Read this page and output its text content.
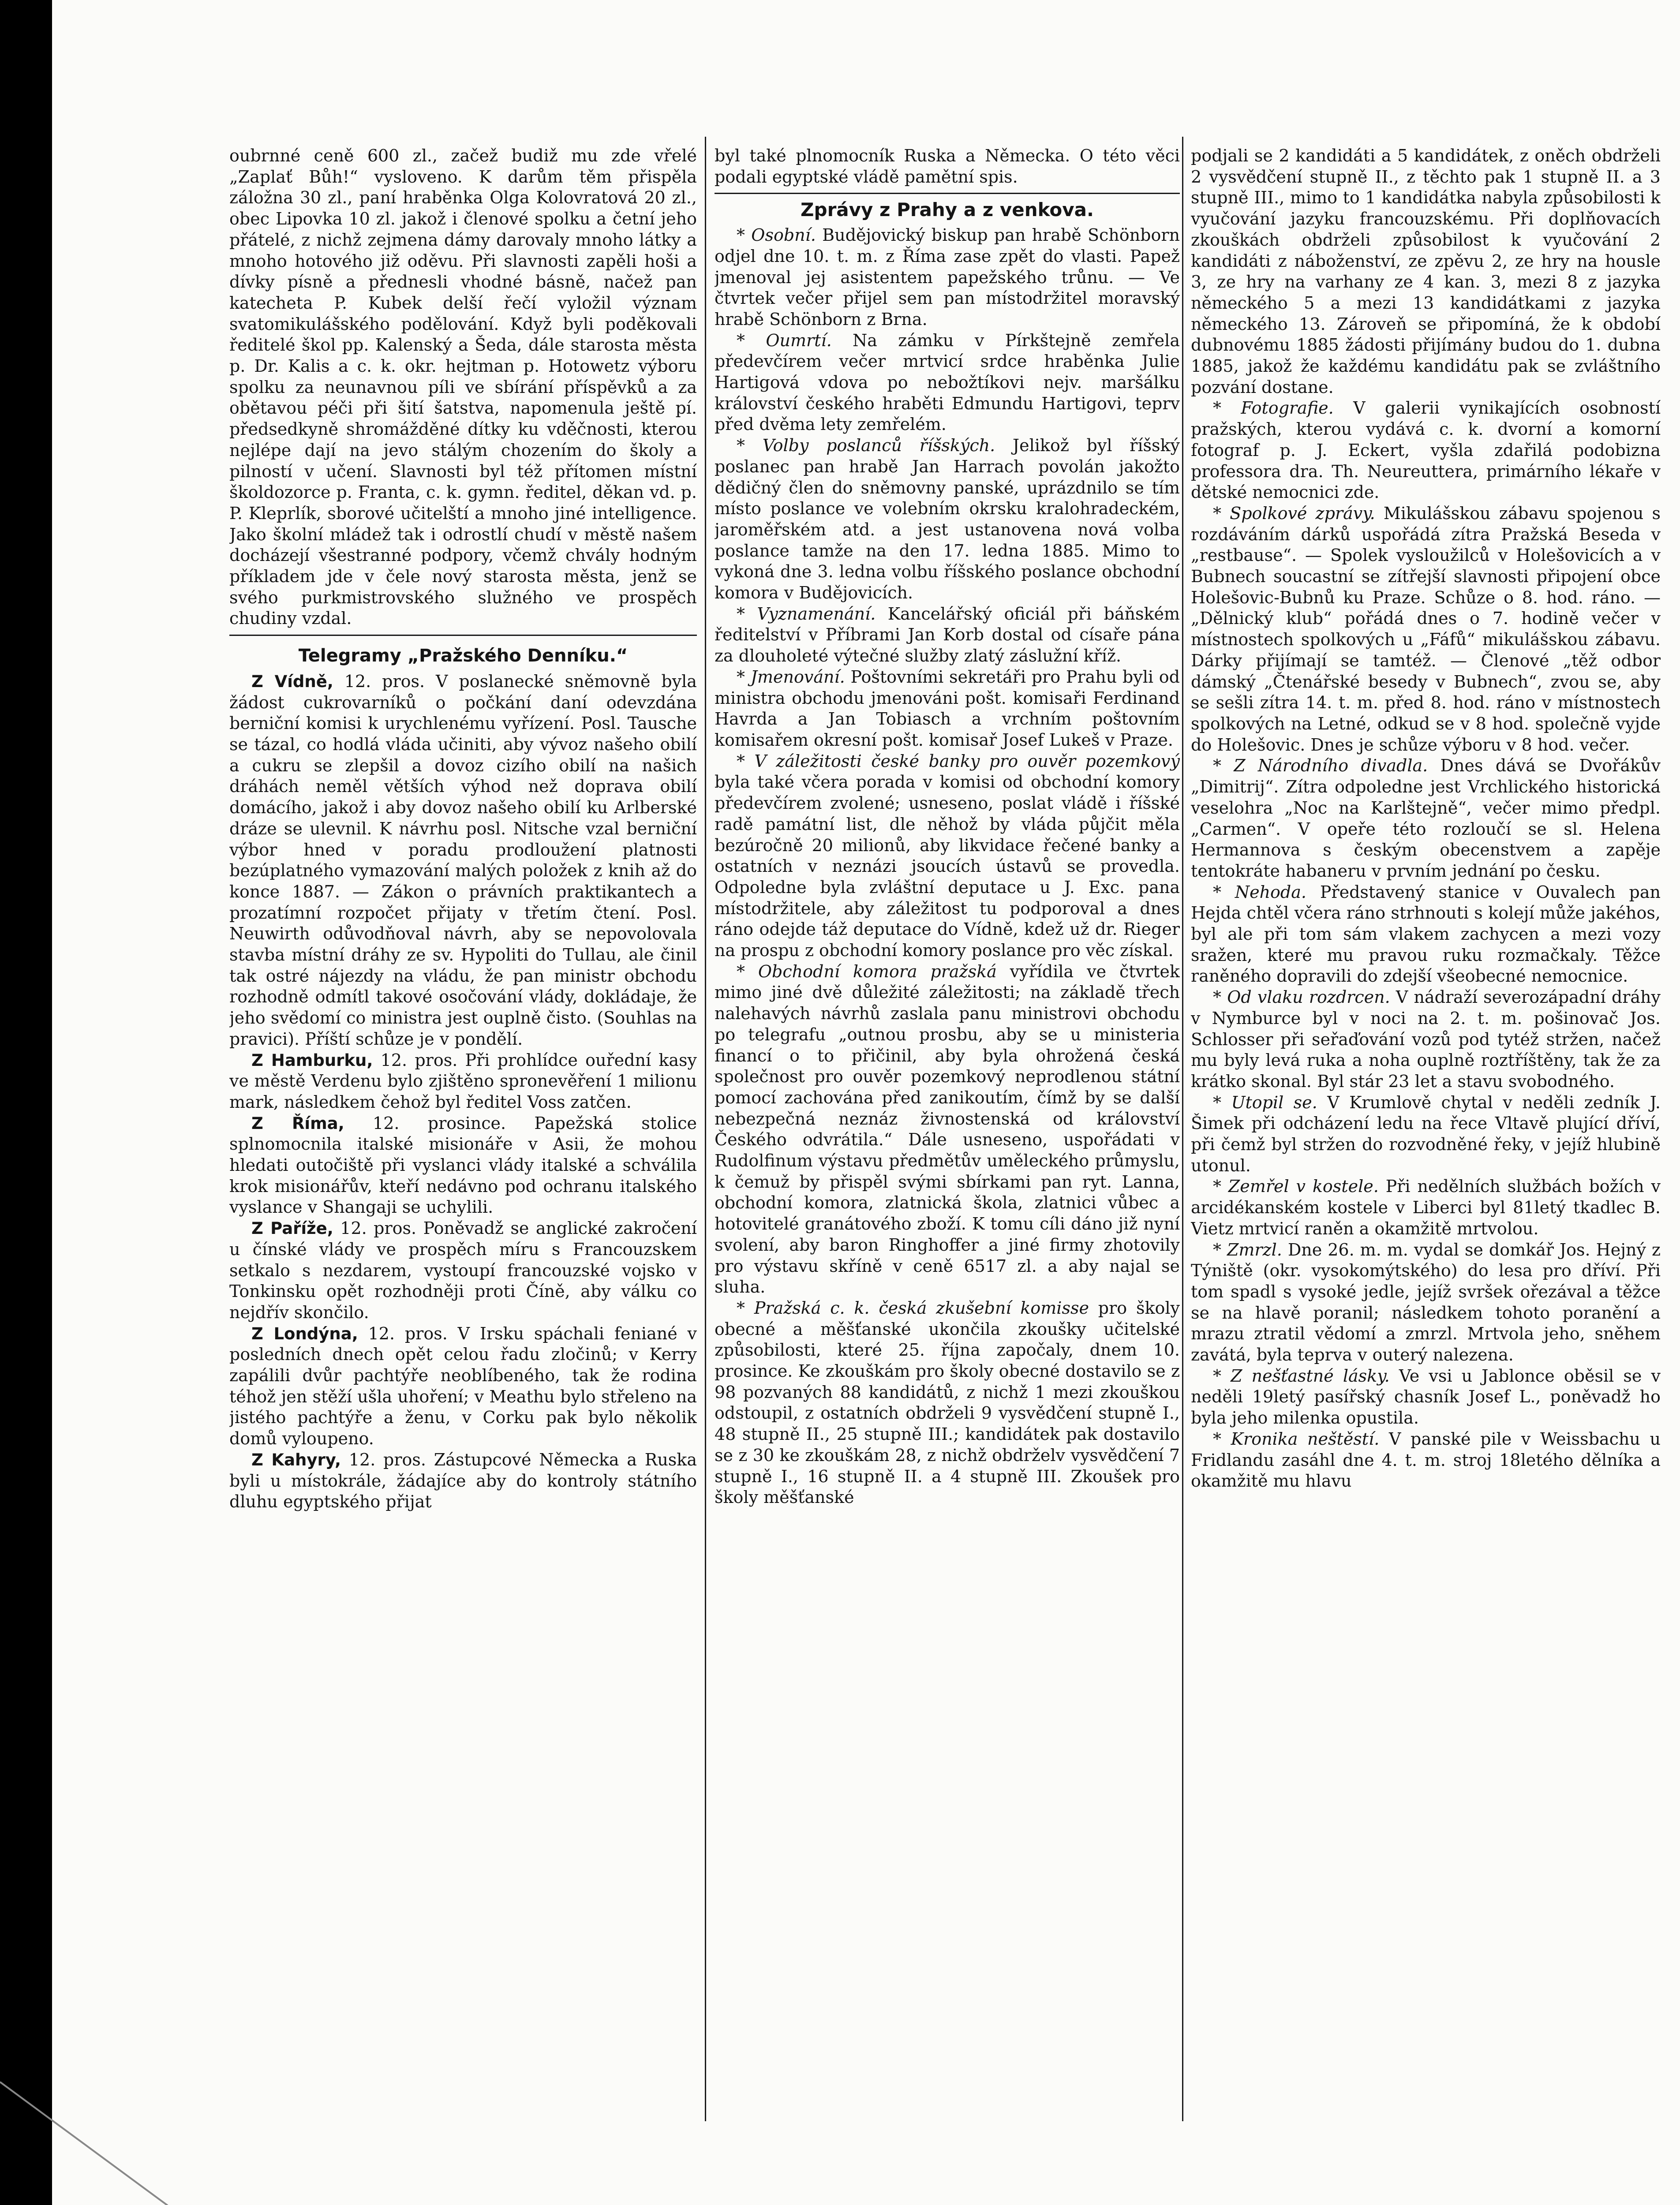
oubrnné ceně 600 zl., začež budiž mu zde vřelé „Zaplať Bůh!“ vysloveno. K darům těm přispěla záložna 30 zl., paní hraběnka Olga Kolovratová 20 zl., obec Lipovka 10 zl. jakož i členové spolku a četní jeho přátelé, z nichž zejmena dámy darovaly mnoho látky a mnoho hotového již oděvu. Při slavnosti zapěli hoši a dívky písně a přednesli vhodné básně, načež pan katecheta P. Kubek delší řečí vyložil význam svatomikulášského podělování. Když byli poděkovali ředitelé škol pp. Kalenský a Šeda, dále starosta města p. Dr. Kalis a c. k. okr. hejtman p. Hotowetz výboru spolku za neunavnou píli ve sbírání příspěvků a za obětavou péči při šití šatstva, napomenula ještě pí. předsedkyně shromážděné dítky ku vděčnosti, kterou nejlépe dají na jevo stálým chozením do školy a pilností v učení. Slavnosti byl též přítomen místní školdozorce p. Franta, c. k. gymn. ředitel, děkan vd. p. P. Kleprlík, sborové učitelští a mnoho jiné intelligence. Jako školní mládež tak i odrostlí chudí v městě našem docházejí všestranné podpory, včemž chvály hodným příkladem jde v čele nový starosta města, jenž se svého purkmistrovského služného ve prospěch chudiny vzdal.

Telegramy „Pražského Denníku.“

Z Vídně, 12. pros. V poslanecké sněmovně byla žádost cukrovarníků o počkání daní odevzdána berniční komisi k urychlenému vyřízení. Posl. Tausche se tázal, co hodlá vláda učiniti, aby vývoz našeho obilí a cukru se zlepšil a dovoz cizího obilí na našich dráhách neměl větších výhod než doprava obilí domácího, jakož i aby dovoz našeho obilí ku Arlberské dráze se ulevnil. K návrhu posl. Nitsche vzal berniční výbor hned v poradu prodloužení platnosti bezúplatného vymazování malých položek z knih až do konce 1887. — Zákon o právních praktikantech a prozatímní rozpočet přijaty v třetím čtení. Posl. Neuwirth odůvodňoval návrh, aby se nepovolovala stavba místní dráhy ze sv. Hypoliti do Tullau, ale činil tak ostré nájezdy na vládu, že pan ministr obchodu rozhodně odmítl takové osočování vlády, dokládaje, že jeho svědomí co ministra jest ouplně čisto. (Souhlas na pravici). Příští schůze je v pondělí.

Z Hamburku, 12. pros. Při prohlídce ouřední kasy ve městě Verdenu bylo zjištěno spronevěření 1 milionu mark, následkem čehož byl ředitel Voss zatčen.

Z Říma, 12. prosince. Papežská stolice splnomocnila italské misionáře v Asii, že mohou hledati outočiště při vyslanci vlády italské a schválila krok misionářův, kteří nedávno pod ochranu italského vyslance v Shangaji se uchylili.

Z Paříže, 12. pros. Poněvadž se anglické zakročení u čínské vlády ve prospěch míru s Francouzskem setkalo s nezdarem, vystoupí francouzské vojsko v Tonkinsku opět rozhodněji proti Číně, aby válku co nejdřív skončilo.

Z Londýna, 12. pros. V Irsku spáchali feniané v posledních dnech opět celou řadu zločinů; v Kerry zapálili dvůr pachtýře neoblíbeného, tak že rodina téhož jen stěží ušla uhoření; v Meathu bylo střeleno na jistého pachtýře a ženu, v Corku pak bylo několik domů vyloupeno.

Z Kahyry, 12. pros. Zástupcové Německa a Ruska byli u místokrále, žádajíce aby do kontroly státního dluhu egyptského přijat

byl také plnomocník Ruska a Německa. O této věci podali egyptské vládě pamětní spis.

Zprávy z Prahy a z venkova.

* Osobní. Budějovický biskup pan hrabě Schönborn odjel dne 10. t. m. z Říma zase zpět do vlasti. Papež jmenoval jej asistentem papežského trůnu. — Ve čtvrtek večer přijel sem pan místodržitel moravský hrabě Schönborn z Brna.

* Oumrtí. Na zámku v Pírkštejně zemřela předevčírem večer mrtvicí srdce hraběnka Julie Hartigová vdova po nebožtíkovi nejv. maršálku království českého hraběti Edmundu Hartigovi, teprv před dvěma lety zemřelém.

* Volby poslanců říšských. Jelikož byl říšský poslanec pan hrabě Jan Harrach povolán jakožto dědičný člen do sněmovny panské, uprázdnilo se tím místo poslance ve volebním okrsku kralohradeckém, jaroměřském atd. a jest ustanovena nová volba poslance tamže na den 17. ledna 1885. Mimo to vykoná dne 3. ledna volbu říšského poslance obchodní komora v Budějovicích.

* Vyznamenání. Kancelářský oficiál při báňském ředitelství v Příbrami Jan Korb dostal od císaře pána za dlouholeté výtečné služby zlatý záslužní kříž.

* Jmenování. Poštovními sekretáři pro Prahu byli od ministra obchodu jmenováni pošt. komisaři Ferdinand Havrda a Jan Tobiasch a vrchním poštovním komisařem okresní pošt. komisař Josef Lukeš v Praze.

* V záležitosti české banky pro ouvěr pozemkový byla také včera porada v komisi od obchodní komory předevčírem zvolené; usneseno, poslat vládě i říšské radě památní list, dle něhož by vláda půjčit měla bezúročně 20 milionů, aby likvidace řečené banky a ostatních v neznázi jsoucích ústavů se provedla. Odpoledne byla zvláštní deputace u J. Exc. pana místodržitele, aby záležitost tu podporoval a dnes ráno odejde táž deputace do Vídně, kdež už dr. Rieger na prospu z obchodní komory poslance pro věc získal.

* Obchodní komora pražská vyřídila ve čtvrtek mimo jiné dvě důležité záležitosti; na základě třech nalehavých návrhů zaslala panu ministrovi obchodu po telegrafu „outnou prosbu, aby se u ministeria financí o to přičinil, aby byla ohrožená česká společnost pro ouvěr pozemkový neprodlenou státní pomocí zachována před zanikoutím, čímž by se další nebezpečná neznáz živnostenská od království Českého odvrátila.“ Dále usneseno, uspořádati v Rudolfinum výstavu předmětův uměleckého průmyslu, k čemuž by přispěl svými sbírkami pan ryt. Lanna, obchodní komora, zlatnická škola, zlatnici vůbec a hotovitelé granátového zboží. K tomu cíli dáno již nyní svolení, aby baron Ringhoffer a jiné firmy zhotovily pro výstavu skříně v ceně 6517 zl. a aby najal se sluha.

* Pražská c. k. česká zkušební komisse pro školy obecné a měšťanské ukončila zkoušky učitelské způsobilosti, které 25. října započaly, dnem 10. prosince. Ke zkouškám pro školy obecné dostavilo se z 98 pozvaných 88 kandidátů, z nichž 1 mezi zkouškou odstoupil, z ostatních obdrželi 9 vysvědčení stupně I., 48 stupně II., 25 stupně III.; kandidátek pak dostavilo se z 30 ke zkouškám 28, z nichž obdrželv vysvědčení 7 stupně I., 16 stupně II. a 4 stupně III. Zkoušek pro školy měšťanské

podjali se 2 kandidáti a 5 kandidátek, z oněch obdrželi 2 vysvědčení stupně II., z těchto pak 1 stupně II. a 3 stupně III., mimo to 1 kandidátka nabyla způsobilosti k vyučování jazyku francouzskému. Při doplňovacích zkouškách obdrželi způsobilost k vyučování 2 kandidáti z náboženství, ze zpěvu 2, ze hry na housle 3, ze hry na varhany ze 4 kan. 3, mezi 8 z jazyka německého 5 a mezi 13 kandidátkami z jazyka německého 13. Zároveň se připomíná, že k období dubnovému 1885 žádosti přijímány budou do 1. dubna 1885, jakož že každému kandidátu pak se zvláštního pozvání dostane.

* Fotografie. V galerii vynikajících osobností pražských, kterou vydává c. k. dvorní a komorní fotograf p. J. Eckert, vyšla zdařilá podobizna professora dra. Th. Neureuttera, primárního lékaře v dětské nemocnici zde.

* Spolkové zprávy. Mikulášskou zábavu spojenou s rozdáváním dárků uspořádá zítra Pražská Beseda v „restbause“. — Spolek vysloužilců v Holešovicích a v Bubnech soucastní se zítřejší slavnosti připojení obce Holešovic-Bubnů ku Praze. Schůze o 8. hod. ráno. — „Dělnický klub“ pořádá dnes o 7. hodině večer v místnostech spolkových u „Fáfů“ mikulášskou zábavu. Dárky přijímají se tamtéž. — Členové „těž odbor dámský „Čtenářské besedy v Bubnech“, zvou se, aby se sešli zítra 14. t. m. před 8. hod. ráno v místnostech spolkových na Letné, odkud se v 8 hod. společně vyjde do Holešovic. Dnes je schůze výboru v 8 hod. večer.

* Z Národního divadla. Dnes dává se Dvořákův „Dimitrij“. Zítra odpoledne jest Vrchlického historická veselohra „Noc na Karlštejně“, večer mimo předpl. „Carmen“. V opeře této rozloučí se sl. Helena Hermannova s českým obecenstvem a zapěje tentokráte habaneru v prvním jednání po česku.

* Nehoda. Představený stanice v Ouvalech pan Hejda chtěl včera ráno strhnouti s kolejí může jakéhos, byl ale při tom sám vlakem zachycen a mezi vozy sražen, které mu pravou ruku rozmačkaly. Těžce raněného dopravili do zdejší všeobecné nemocnice.

* Od vlaku rozdrcen. V nádraží severozápadní dráhy v Nymburce byl v noci na 2. t. m. pošinovač Jos. Schlosser při seřaďování vozů pod tytéž stržen, načež mu byly levá ruka a noha ouplně roztříštěny, tak že za krátko skonal. Byl stár 23 let a stavu svobodného.

* Utopil se. V Krumlově chytal v neděli zedník J. Šimek při odcházení ledu na řece Vltavě plující dříví, při čemž byl stržen do rozvodněné řeky, v jejíž hlubině utonul.

* Zemřel v kostele. Při nedělních službách božích v arcidékanském kostele v Liberci byl 81letý tkadlec B. Vietz mrtvicí raněn a okamžitě mrtvolou.

* Zmrzl. Dne 26. m. m. vydal se domkář Jos. Hejný z Týniště (okr. vysokomýtského) do lesa pro dříví. Při tom spadl s vysoké jedle, jejíž svršek ořezával a těžce se na hlavě poranil; následkem tohoto poranění a mrazu ztratil vědomí a zmrzl. Mrtvola jeho, sněhem zavátá, byla teprva v outerý nalezena.

* Z nešťastné lásky. Ve vsi u Jablonce oběsil se v neděli 19letý pasířský chasník Josef L., poněvadž ho byla jeho milenka opustila.

* Kronika neštěstí. V panské pile v Weissbachu u Fridlandu zasáhl dne 4. t. m. stroj 18letého dělníka a okamžitě mu hlavu
